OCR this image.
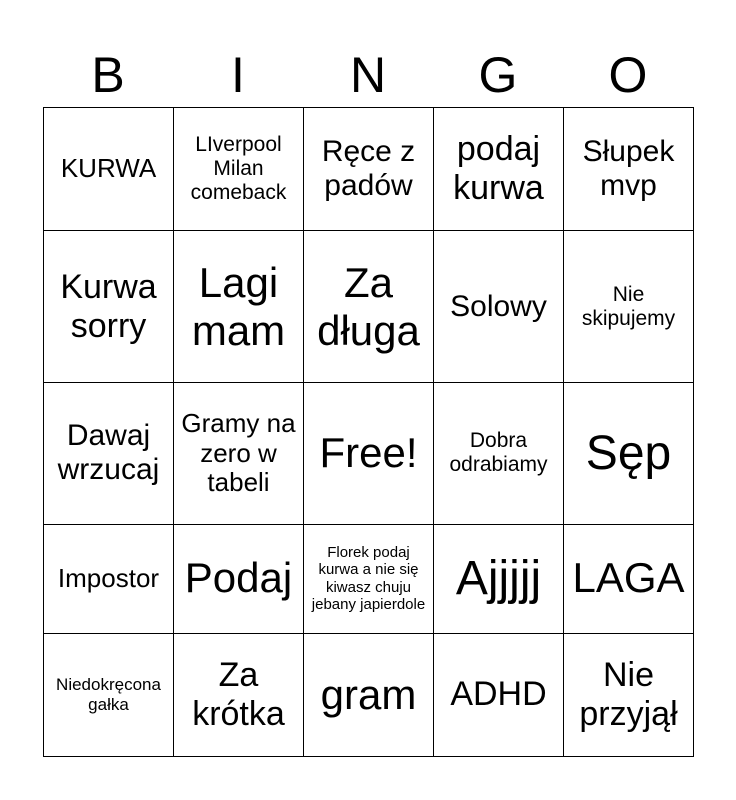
B	I	N	G	O
KURWA	LIverpool Milan comeback	Ręce z padów	podaj kurwa	Słupek mvp
Kurwa sorry	Lagi mam	Za długa	Solowy	Nie skipujemy
Dawaj wrzucaj	Gramy na zero w tabeli	Free!	Dobra odrabiamy	Sęp
Impostor	Podaj	Florek podaj kurwa a nie się kiwasz chuju jebany japierdole	Ajjjjj	LAGA
Niedokręcona gałka	Za krótka	gram	ADHD	Nie przyjął
